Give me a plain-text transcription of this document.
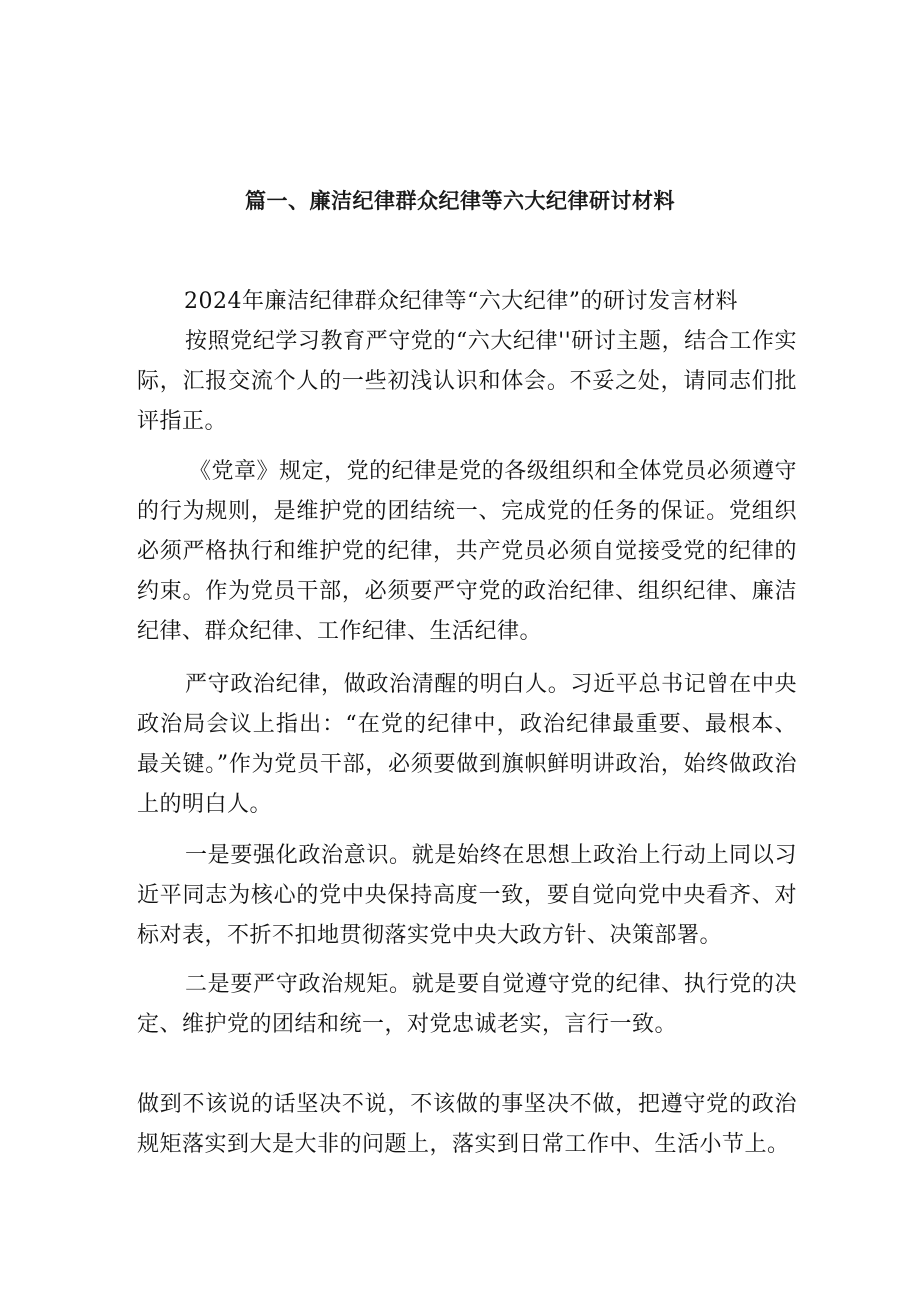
篇一、廉洁纪律群众纪律等六大纪律研讨材料
2024年廉洁纪律群众纪律等“六大纪律”的研讨发言材料

按照党纪学习教育严守党的“六大纪律''研讨主题，结合工作实际，汇报交流个人的一些初浅认识和体会。不妥之处，请同志们批评指正。

《党章》规定，党的纪律是党的各级组织和全体党员必须遵守的行为规则，是维护党的团结统一、完成党的任务的保证。党组织必须严格执行和维护党的纪律，共产党员必须自觉接受党的纪律的约束。作为党员干部，必须要严守党的政治纪律、组织纪律、廉洁纪律、群众纪律、工作纪律、生活纪律。

严守政治纪律，做政治清醒的明白人。习近平总书记曾在中央政治局会议上指出：“在党的纪律中，政治纪律最重要、最根本、最关键。”作为党员干部，必须要做到旗帜鲜明讲政治，始终做政治上的明白人。

一是要强化政治意识。就是始终在思想上政治上行动上同以习近平同志为核心的党中央保持高度一致，要自觉向党中央看齐、对标对表，不折不扣地贯彻落实党中央大政方针、决策部署。

二是要严守政治规矩。就是要自觉遵守党的纪律、执行党的决定、维护党的团结和统一，对党忠诚老实，言行一致。

做到不该说的话坚决不说，不该做的事坚决不做，把遵守党的政治规矩落实到大是大非的问题上，落实到日常工作中、生活小节上。
